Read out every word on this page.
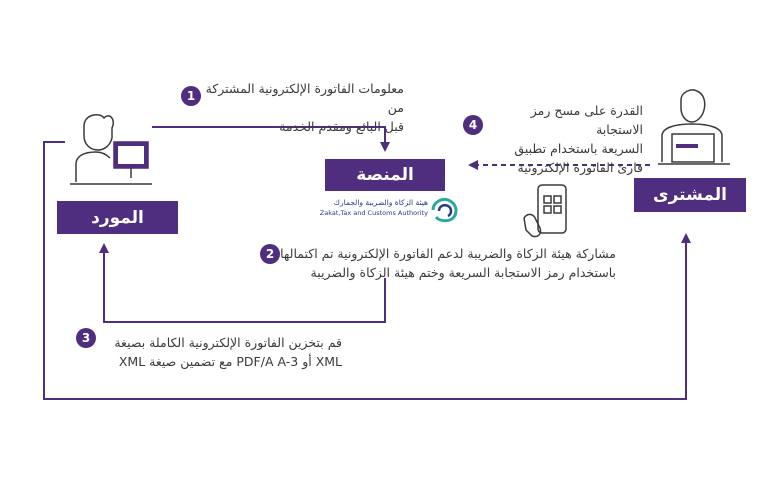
المورد
المنصة
هيئة الزكاة والضريبة والجمارك
Zakat,Tax and Customs Authority
المشترى
1 معلومات الفاتورة الإلكترونية المشتركة من
قبل البائع ومقدم الخدمة
2 مشاركة هيئة الزكاة والضريبة لدعم الفاتورة الإلكترونية تم اكتمالها
باستخدام رمز الاستجابة السريعة وختم هيئة الزكاة والضريبة
3	قم بتخزين الفاتورة الإلكترونية الكاملة بصيغة
XML أو PDF/A A-3 مع تضمين صيغة XML
4
القدرة على مسح رمز الاستجابة
السريعة باستخدام تطبيق
قارئ الفاتورة الإلكترونية
